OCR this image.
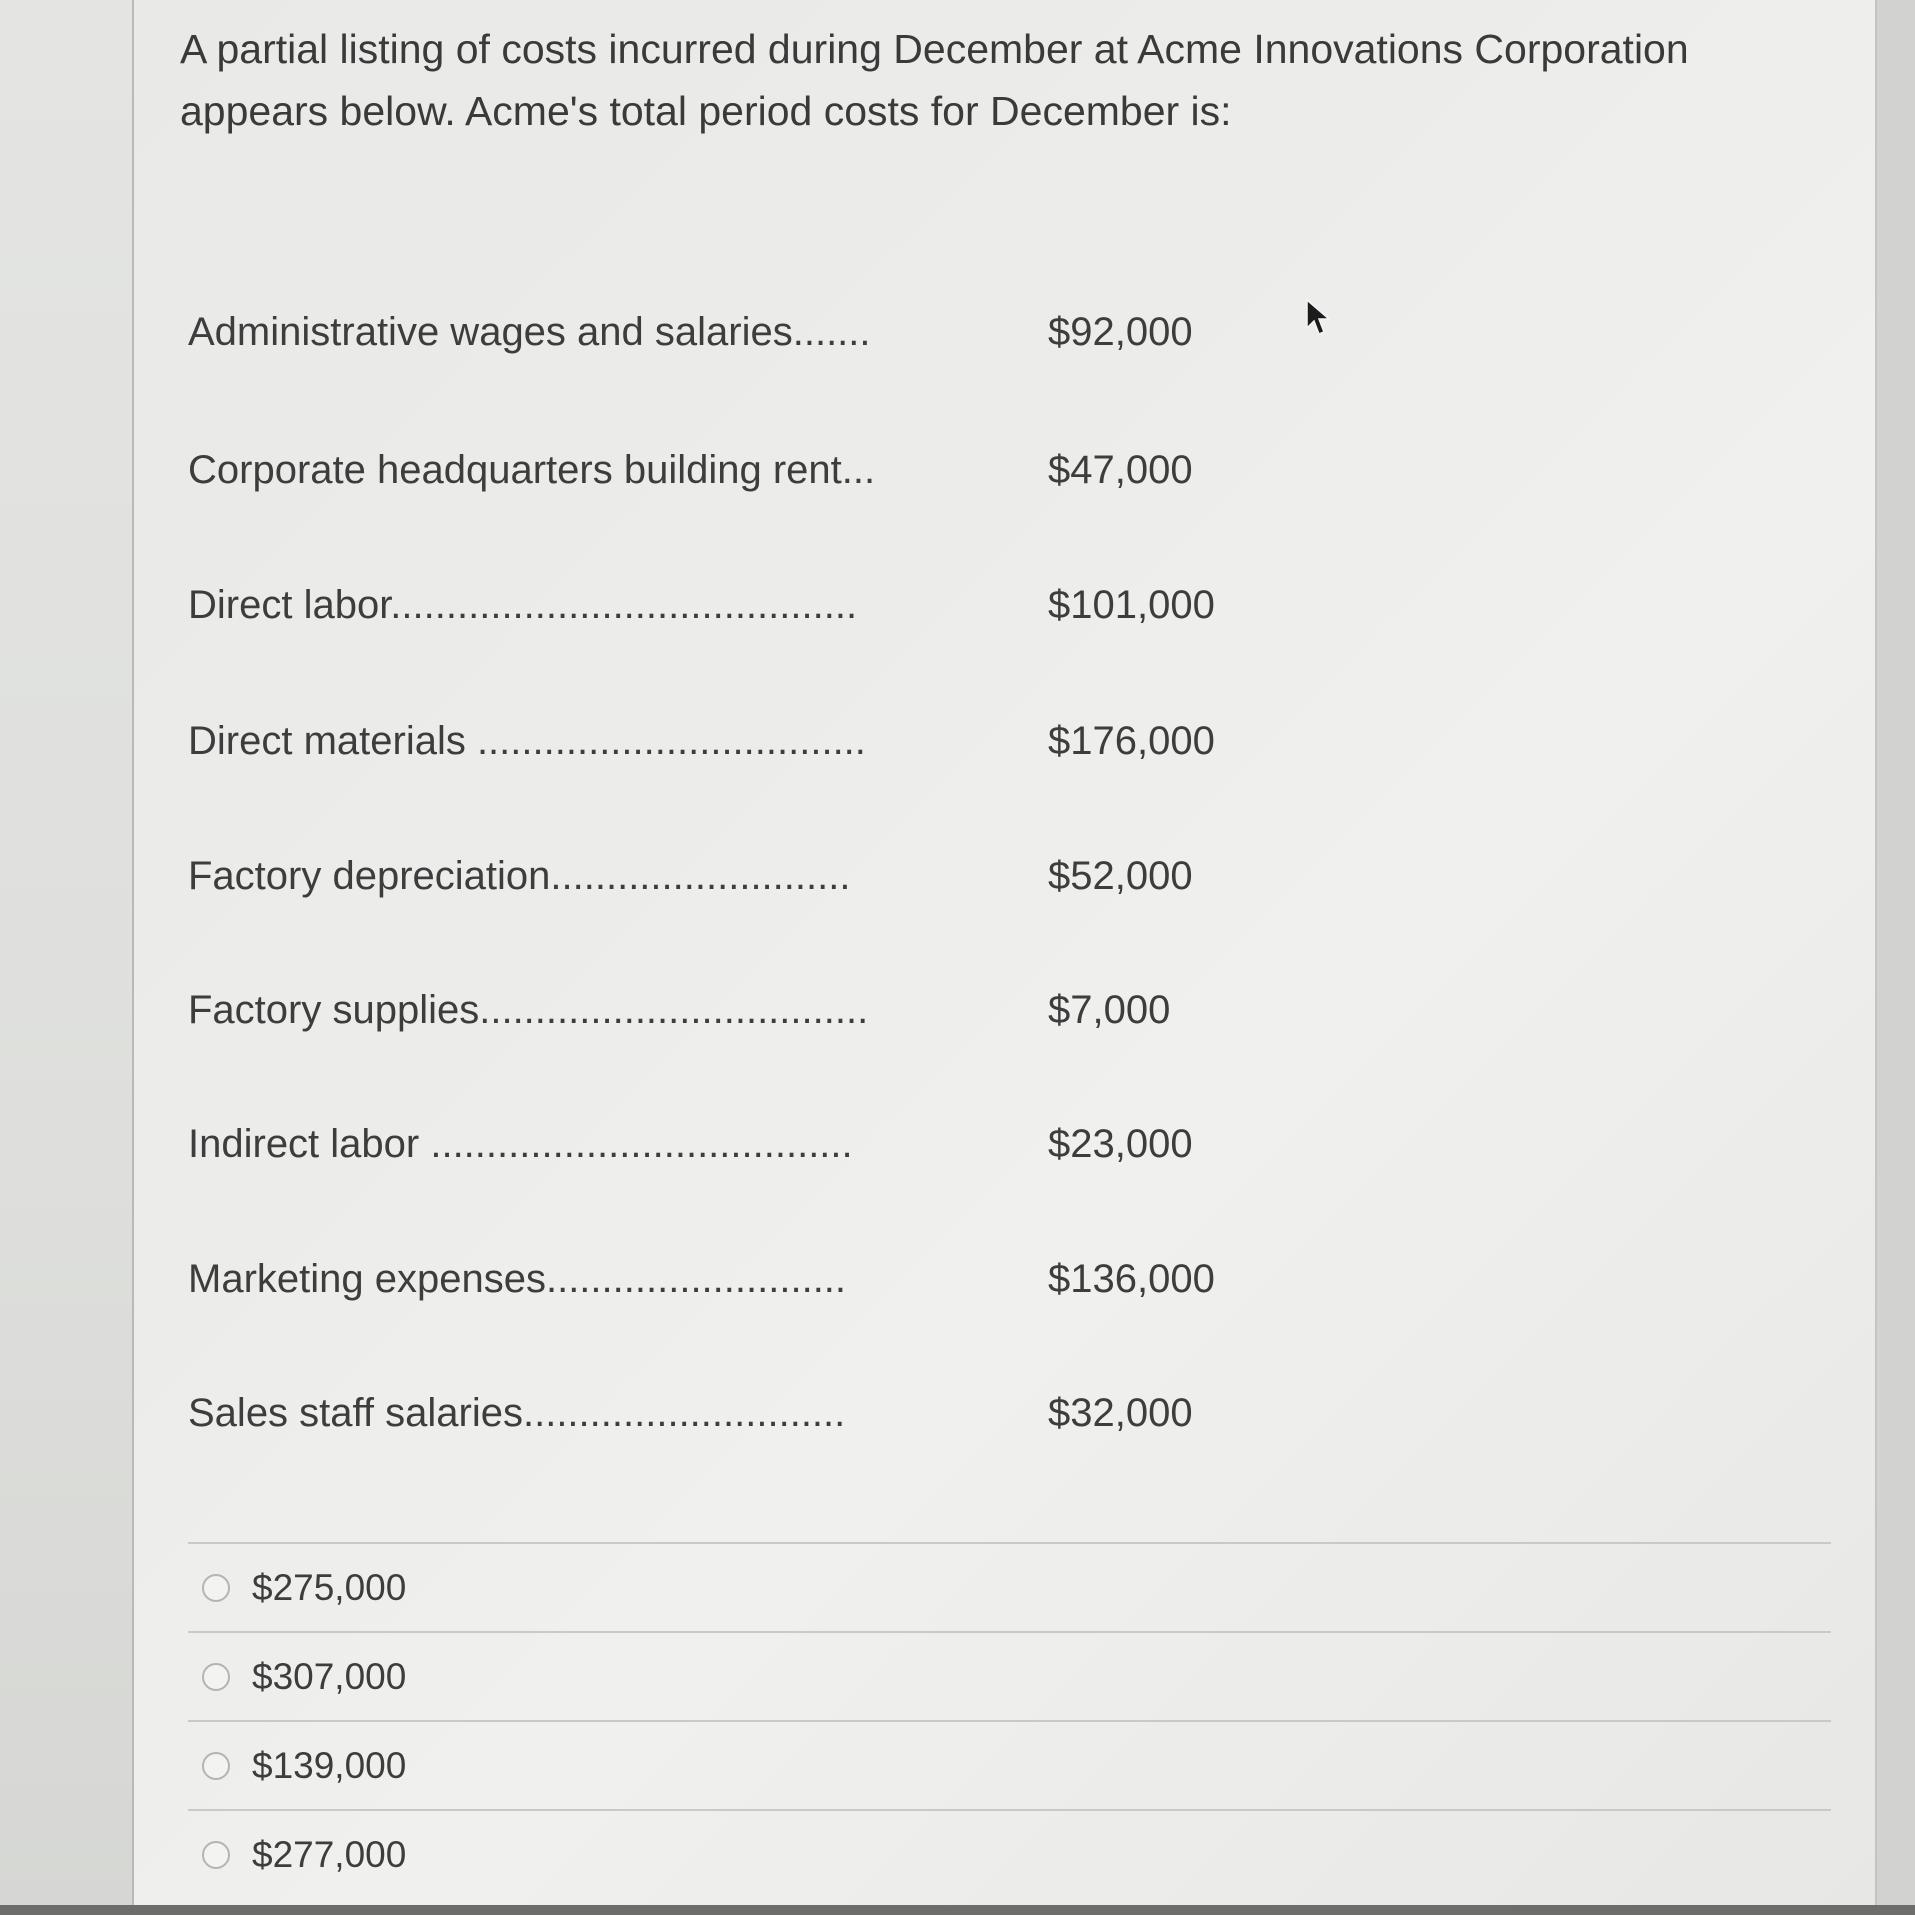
A partial listing of costs incurred during December at Acme Innovations Corporation appears below. Acme's total period costs for December is:
Administrative wages and salaries.......	$92,000
Corporate headquarters building rent...	$47,000
Direct labor..........................................	$101,000
Direct materials ...................................	$176,000
Factory depreciation...........................	$52,000
Factory supplies...................................	$7,000
Indirect labor ......................................	$23,000
Marketing expenses...........................	$136,000
Sales staff salaries.............................	$32,000
$275,000
$307,000
$139,000
$277,000
